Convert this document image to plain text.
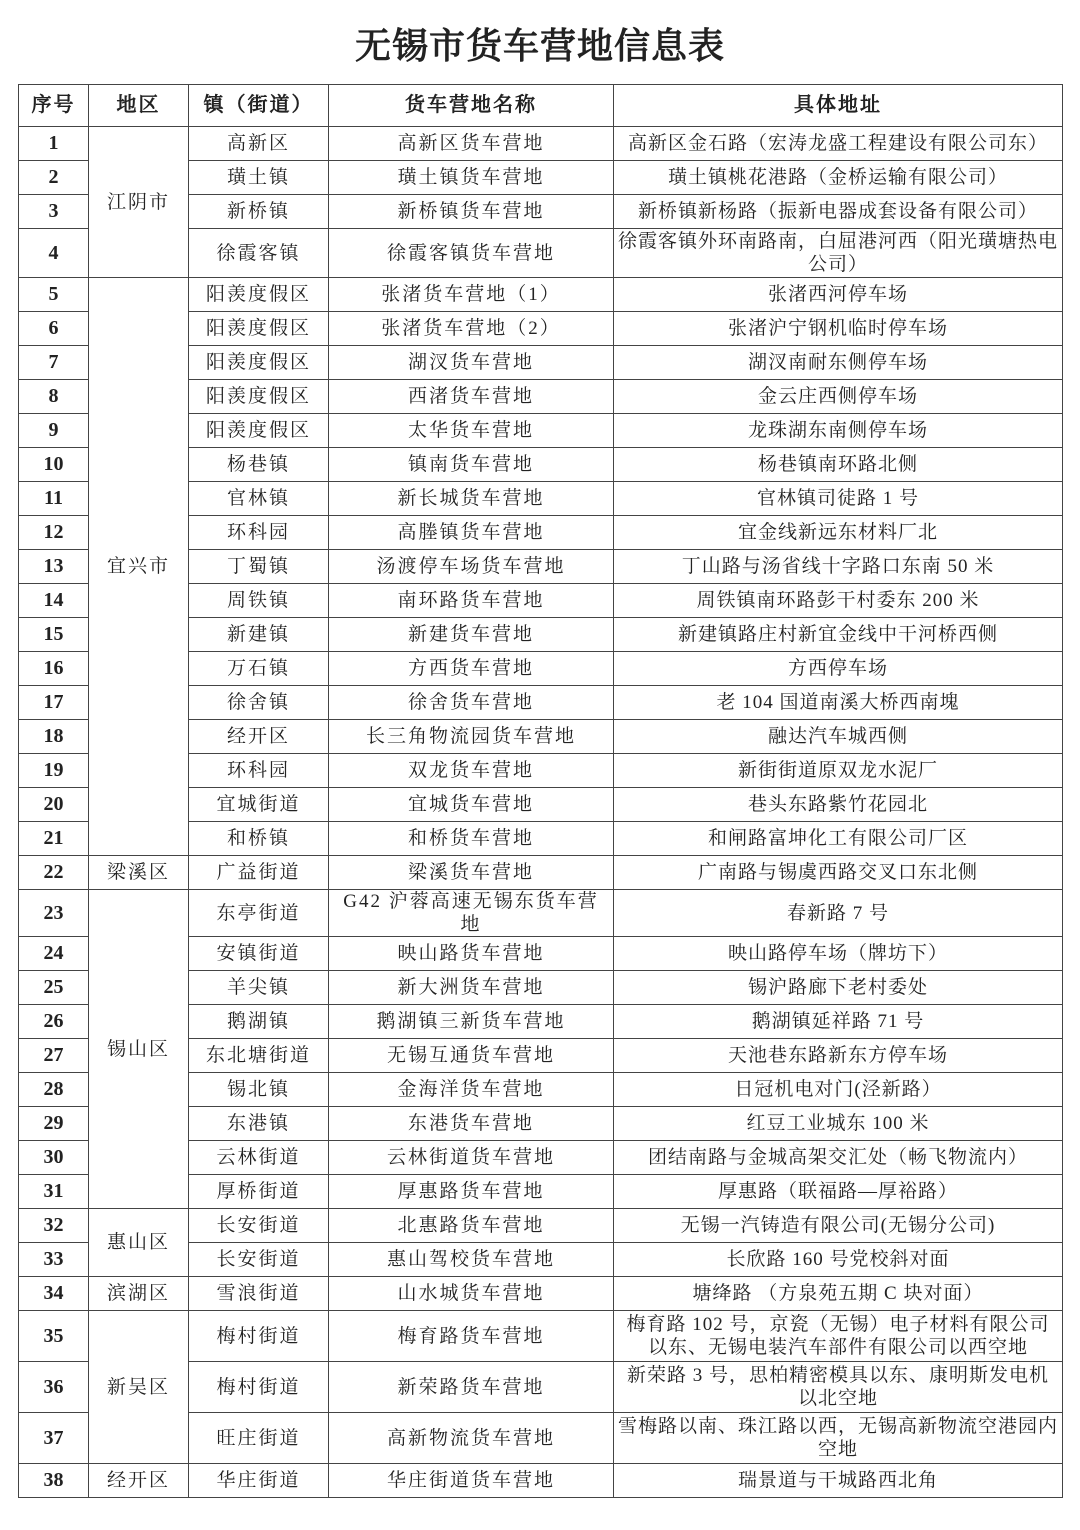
无锡市货车营地信息表
序号	地区	镇（街道）	货车营地名称	具体地址
1	江阴市	高新区	高新区货车营地	高新区金石路（宏涛龙盛工程建设有限公司东）
2		璜土镇	璜土镇货车营地	璜土镇桃花港路（金桥运输有限公司）
3		新桥镇	新桥镇货车营地	新桥镇新杨路（振新电器成套设备有限公司）
4		徐霞客镇	徐霞客镇货车营地	徐霞客镇外环南路南，白屈港河西（阳光璜塘热电公司）
5	宜兴市	阳羡度假区	张渚货车营地（1）	张渚西河停车场
6		阳羡度假区	张渚货车营地（2）	张渚沪宁钢机临时停车场
7		阳羡度假区	湖汊货车营地	湖汊南耐东侧停车场
8		阳羡度假区	西渚货车营地	金云庄西侧停车场
9		阳羡度假区	太华货车营地	龙珠湖东南侧停车场
10		杨巷镇	镇南货车营地	杨巷镇南环路北侧
11		官林镇	新长城货车营地	官林镇司徒路 1 号
12		环科园	高塍镇货车营地	宜金线新远东材料厂北
13		丁蜀镇	汤渡停车场货车营地	丁山路与汤省线十字路口东南 50 米
14		周铁镇	南环路货车营地	周铁镇南环路彭干村委东 200 米
15		新建镇	新建货车营地	新建镇路庄村新宜金线中干河桥西侧
16		万石镇	方西货车营地	方西停车场
17		徐舍镇	徐舍货车营地	老 104 国道南溪大桥西南塊
18		经开区	长三角物流园货车营地	融达汽车城西侧
19		环科园	双龙货车营地	新街街道原双龙水泥厂
20		宜城街道	宜城货车营地	巷头东路紫竹花园北
21		和桥镇	和桥货车营地	和闸路富坤化工有限公司厂区
22	梁溪区	广益街道	梁溪货车营地	广南路与锡虞西路交叉口东北侧
23	锡山区	东亭街道	G42 沪蓉高速无锡东货车营地	春新路 7 号
24		安镇街道	映山路货车营地	映山路停车场（牌坊下）
25		羊尖镇	新大洲货车营地	锡沪路廊下老村委处
26		鹅湖镇	鹅湖镇三新货车营地	鹅湖镇延祥路 71 号
27		东北塘街道	无锡互通货车营地	天池巷东路新东方停车场
28		锡北镇	金海洋货车营地	日冠机电对门(泾新路）
29		东港镇	东港货车营地	红豆工业城东 100 米
30		云林街道	云林街道货车营地	团结南路与金城高架交汇处（畅飞物流内）
31		厚桥街道	厚惠路货车营地	厚惠路（联福路—厚裕路）
32	惠山区	长安街道	北惠路货车营地	无锡一汽铸造有限公司(无锡分公司)
33		长安街道	惠山驾校货车营地	长欣路 160 号党校斜对面
34	滨湖区	雪浪街道	山水城货车营地	塘绛路 （方泉苑五期 C 块对面）
35	新吴区	梅村街道	梅育路货车营地	梅育路 102 号，京瓷（无锡）电子材料有限公司以东、无锡电装汽车部件有限公司以西空地
36		梅村街道	新荣路货车营地	新荣路 3 号，思柏精密模具以东、康明斯发电机以北空地
37		旺庄街道	高新物流货车营地	雪梅路以南、珠江路以西，无锡高新物流空港园内空地
38	经开区	华庄街道	华庄街道货车营地	瑞景道与干城路西北角
